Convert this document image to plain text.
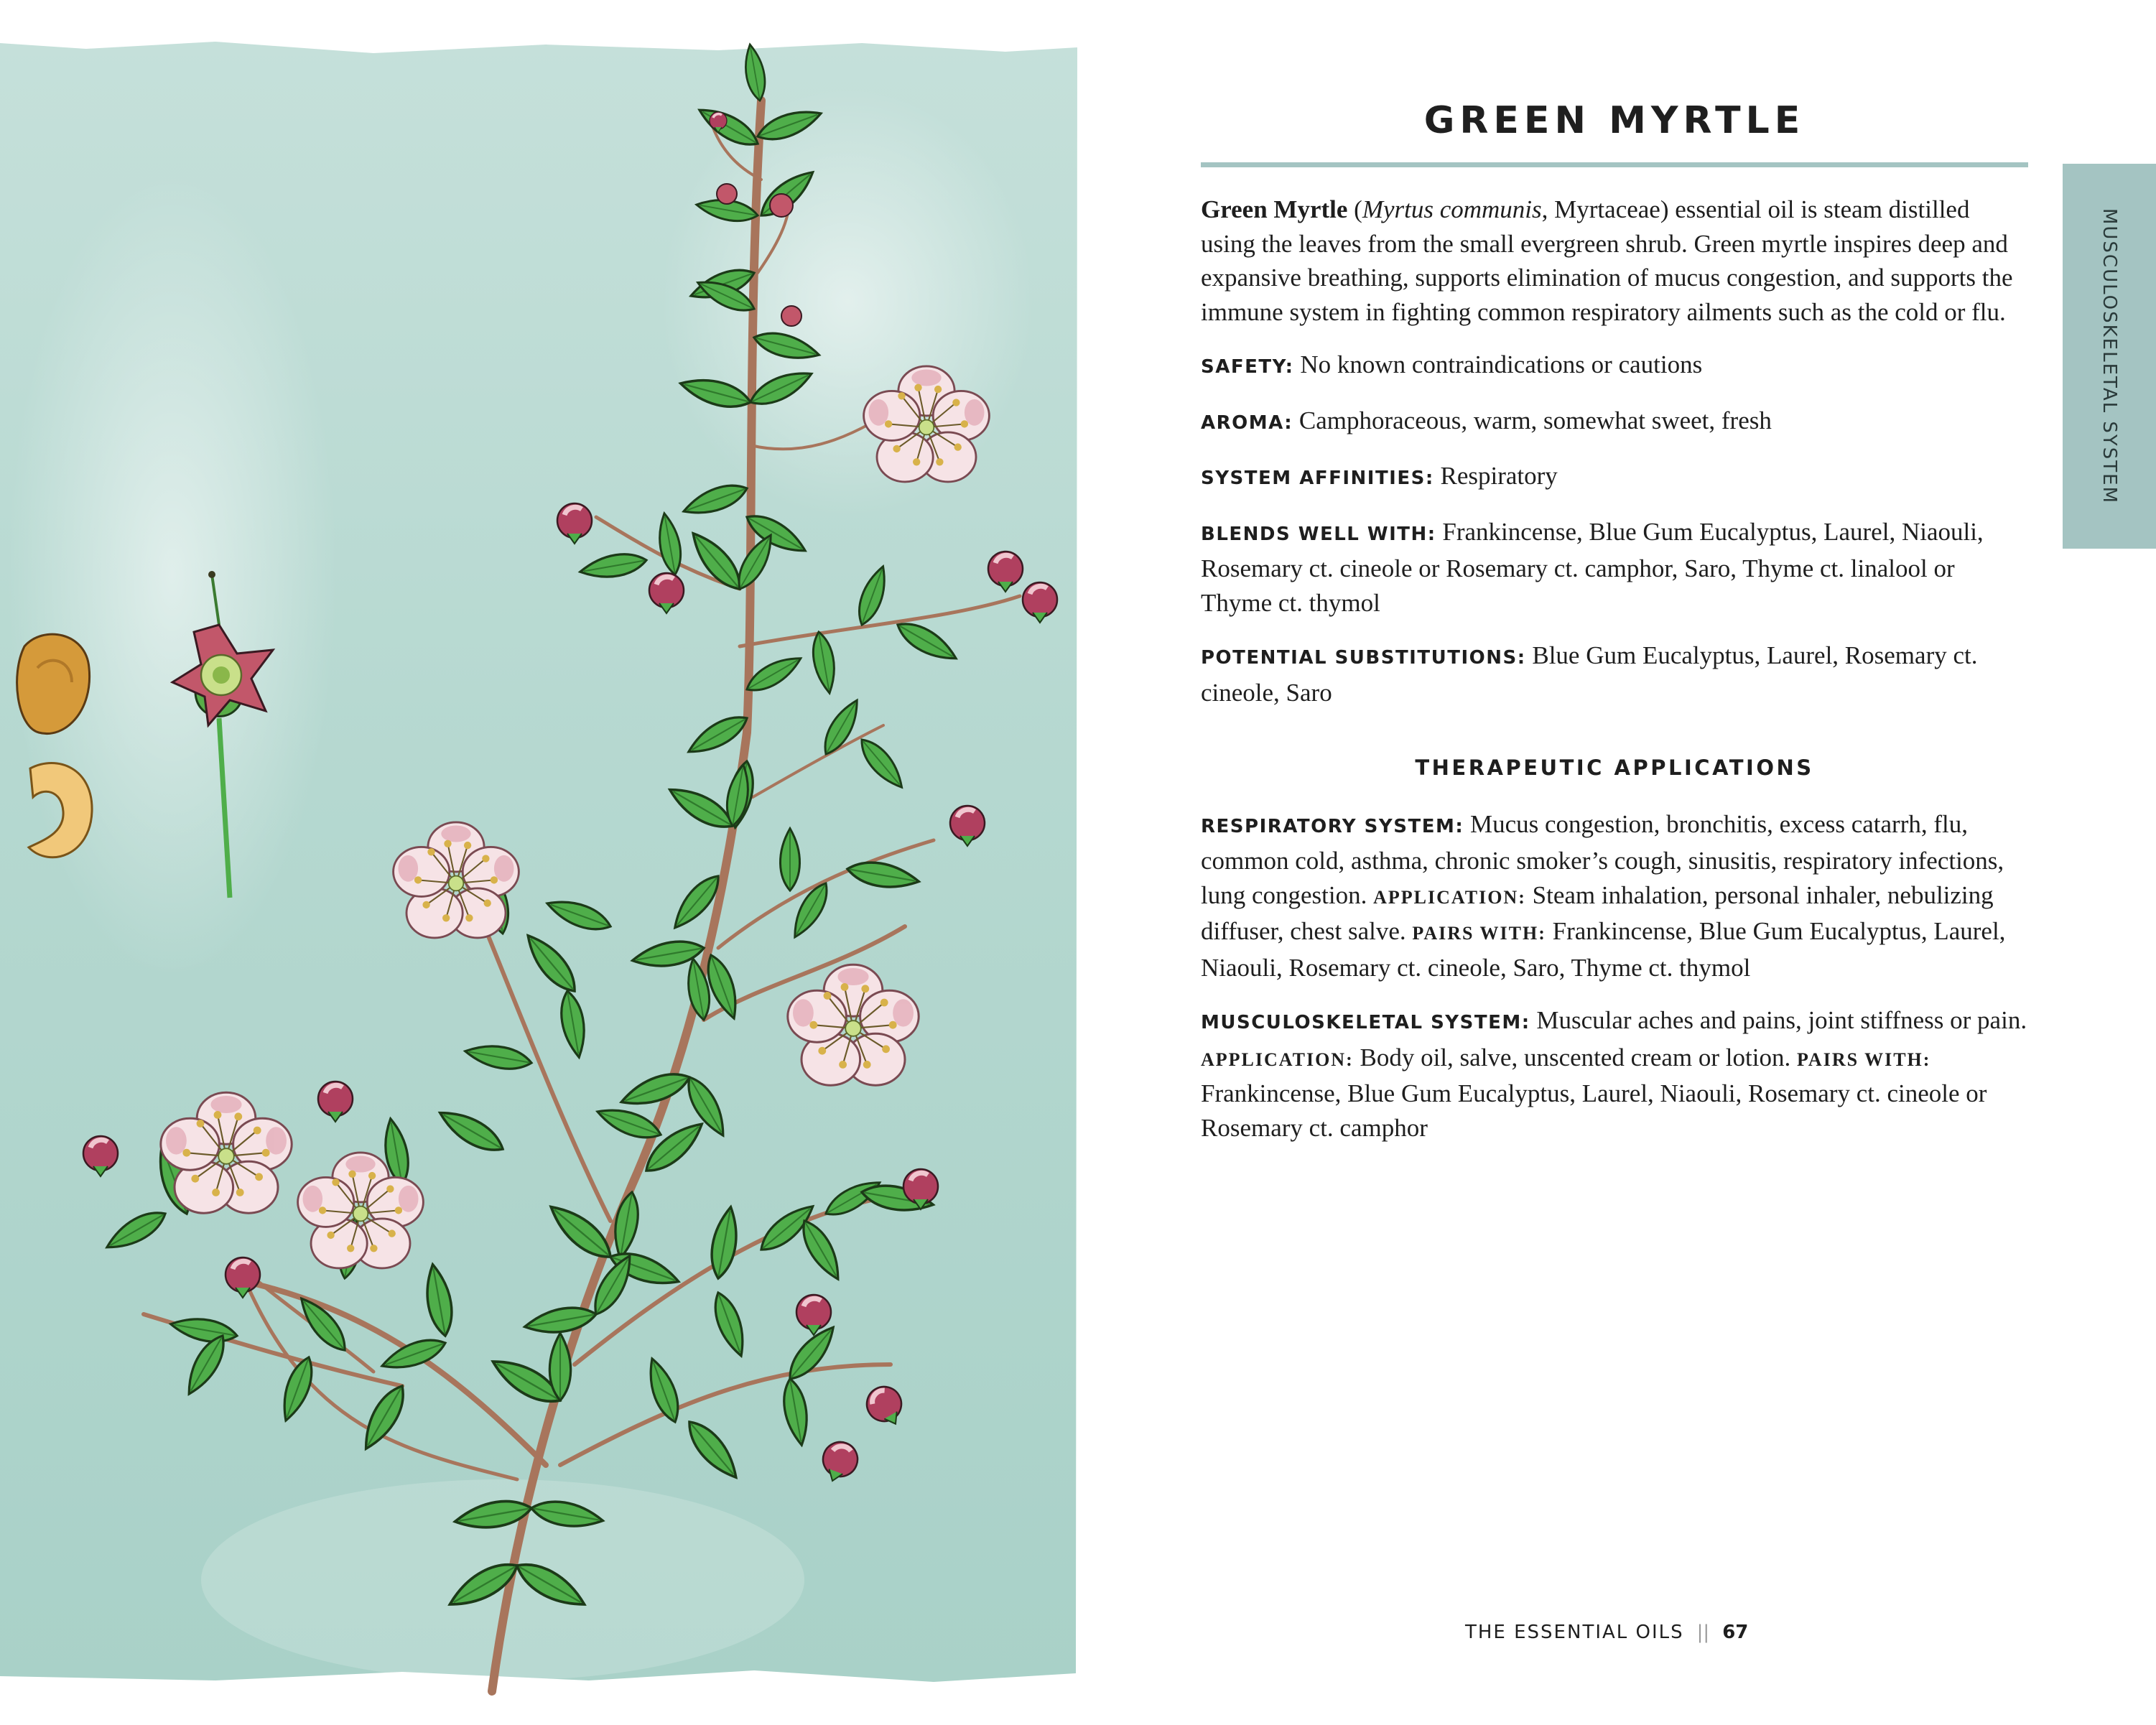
GREEN MYRTLE
MUSCULOSKELETAL SYSTEM

Green Myrtle (Myrtus communis, Myrtaceae) essential oil is steam distilled using the leaves from the small evergreen shrub. Green myrtle inspires deep and expansive breathing, supports elimination of mucus congestion, and supports the immune system in fighting common respiratory ailments such as the cold or flu.

SAFETY: No known contraindications or cautions

AROMA: Camphoraceous, warm, somewhat sweet, fresh

SYSTEM AFFINITIES: Respiratory

BLENDS WELL WITH: Frankincense, Blue Gum Eucalyptus, Laurel, Niaouli, Rosemary ct. cineole or Rosemary ct. camphor, Saro, Thyme ct. linalool or Thyme ct. thymol

POTENTIAL SUBSTITUTIONS: Blue Gum Eucalyptus, Laurel, Rosemary ct. cineole, Saro

THERAPEUTIC APPLICATIONS

RESPIRATORY SYSTEM: Mucus congestion, bronchitis, excess catarrh, flu, common cold, asthma, chronic smoker’s cough, sinusitis, respiratory infections, lung congestion. APPLICATION: Steam inhalation, personal inhaler, nebulizing diffuser, chest salve. PAIRS WITH: Frankincense, Blue Gum Eucalyptus, Laurel, Niaouli, Rosemary ct. cineole, Saro, Thyme ct. thymol

MUSCULOSKELETAL SYSTEM: Muscular aches and pains, joint stiffness or pain. APPLICATION: Body oil, salve, unscented cream or lotion. PAIRS WITH: Frankincense, Blue Gum Eucalyptus, Laurel, Niaouli, Rosemary ct. cineole or Rosemary ct. camphor

THE ESSENTIAL OILS || 67
